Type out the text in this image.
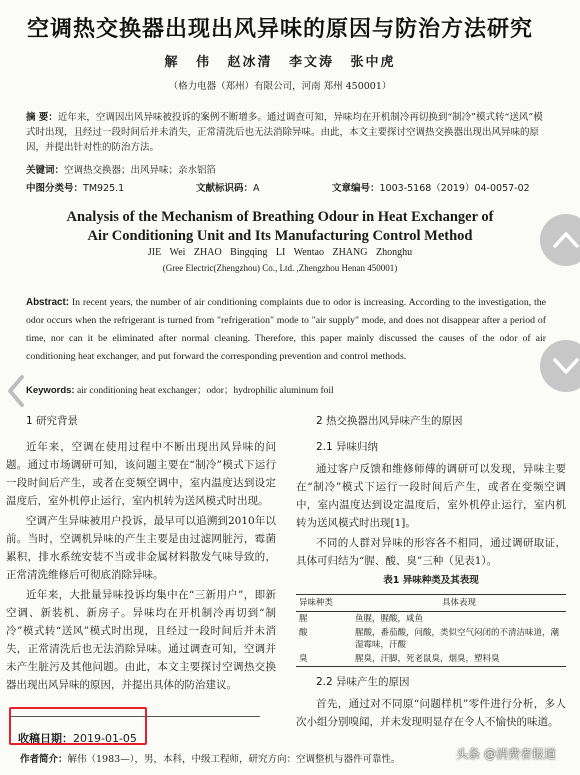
空调热交换器出现出风异味的原因与防治方法研究
解 伟 赵冰清 李文涛 张中虎
（格力电器（郑州）有限公司，河南 郑州 450001）
摘 要：近年来，空调因出风异味被投诉的案例不断增多。通过调查可知，异味均在开机制冷再切换到“制冷”模式转“送风”模式时出现，且经过一段时间后并未消失，正常清洗后也无法消除异味。由此，本文主要探讨空调热交换器出现出风异味的原因，并提出针对性的防治方法。
关键词：空调热交换器；出风异味；亲水铝箔
中图分类号：TM925.1	文献标识码：A	文章编号：1003-5168（2019）04-0057-02
Analysis of the Mechanism of Breathing Odour in Heat Exchanger of
Air Conditioning Unit and Its Manufacturing Control Method
JIE Wei ZHAO Bingqing LI Wentao ZHANG Zhonghu
(Gree Electric(Zhengzhou) Co., Ltd. ,Zhengzhou Henan 450001)
Abstract: In recent years, the number of air conditioning complaints due to odor is increasing. According to the investigation, the odor occurs when the refrigerant is turned from "refrigeration" mode to "air supply" mode, and does not disappear after a period of time, nor can it be eliminated after normal cleaning. Therefore, this paper mainly discussed the causes of the odor of air conditioning heat exchanger, and put forward the corresponding prevention and control methods.
Keywords: air conditioning heat exchanger；odor；hydrophilic aluminum foil
1 研究背景
近年来，空调在使用过程中不断出现出风异味的问题。通过市场调研可知，该问题主要在“制冷”模式下运行一段时间后产生，或者在变频空调中，室内温度达到设定温度后，室外机停止运行，室内机转为送风模式时出现。
空调产生异味被用户投诉，最早可以追溯到2010年以前。当时，空调机异味的产生主要是由过滤网脏污，霉菌累积，排水系统安装不当或非金属材料散发气味导致的，正常清洗维修后可彻底消除异味。
近年来，大批量异味投诉均集中在“三新用户”，即新空调、新装机、新房子。异味均在开机制冷再切到“制冷”模式转“送风”模式时出现，且经过一段时间后并未消失，正常清洗后也无法消除异味。通过调查可知，空调并未产生脏污及其他问题。由此，本文主要探讨空调热交换器出现出风异味的原因，并提出具体的防治建议。
2 热交换器出风异味产生的原因
2.1 异味归纳
通过客户反馈和维修师傅的调研可以发现，异味主要在“制冷”模式下运行一段时间后产生，或者在变频空调中，室内温度达到设定温度后，室外机停止运行，室内机转为送风模式时出现[1]。
不同的人群对异味的形容各不相同，通过调研取证，具体可归结为“腥、酸、臭”三种（见表1）。
表1 异味种类及其表现
异味种类	具体表现
腥	鱼腥，腥酸，咸鱼
酸	腥酸，番茄酸，问酸，类似空气闷闭的不清洁味道，潮湿霉味，汗酸
臭	腥臭，汗脚，死老鼠臭，烟臭，塑料臭
2.2 异味产生的原因
首先，通过对不同原“问题样机”零件进行分析，多人次小组分别嗅闻，并未发现明显存在令人不愉快的味道。
收稿日期：2019-01-05
作者简介：解伟（1983—），男，本科，中级工程师，研究方向：空调整机与器件可靠性。	头条 @消费者报道
